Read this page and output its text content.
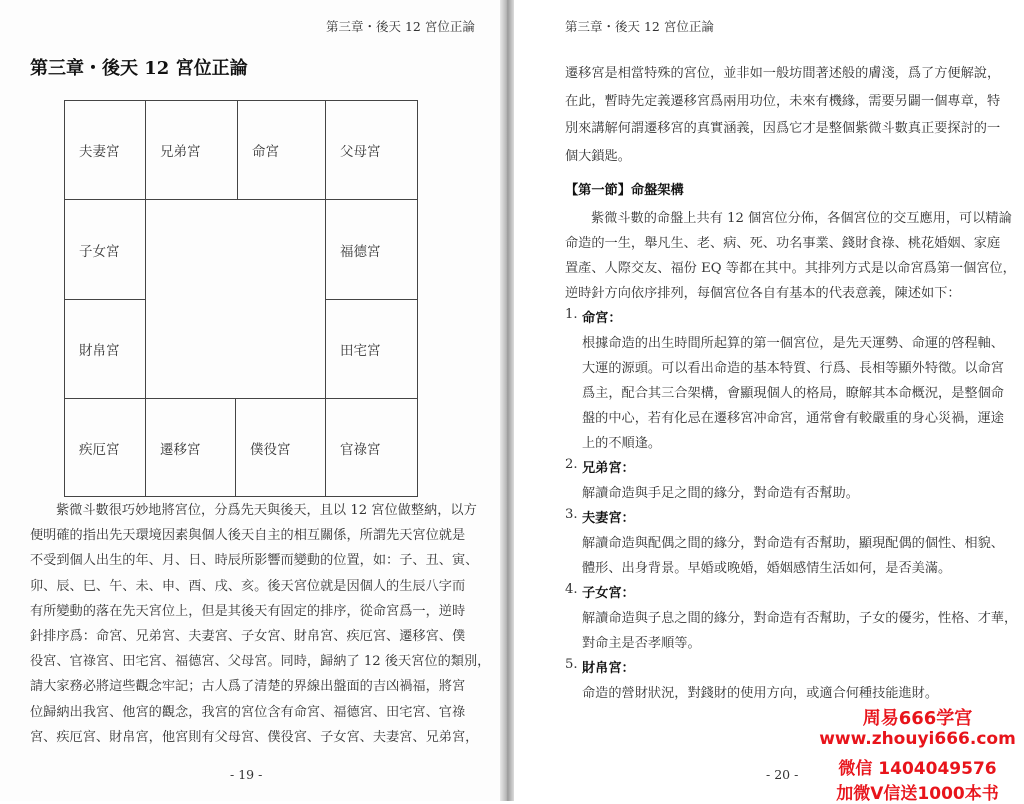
第三章・後天 12 宮位正論
第三章・後天 12 宮位正論
夫妻宮	兄弟宮	命宮	父母宮
子女宮	福德宮
財帛宮	田宅宮
疾厄宮	遷移宮	僕役宮	官祿宮
紫微斗數很巧妙地將宮位，分爲先天與後天，且以 12 宮位做整納，以方
便明確的指出先天環境因素與個人後天自主的相互關係，所謂先天宮位就是
不受到個人出生的年、月、日、時辰所影響而變動的位置，如：子、丑、寅、
卯、辰、巳、午、未、申、酉、戌、亥。後天宮位就是因個人的生辰八字而
有所變動的落在先天宮位上，但是其後天有固定的排序，從命宮爲一，逆時
針排序爲：命宮、兄弟宮、夫妻宮、子女宮、財帛宮、疾厄宮、遷移宮、僕
役宮、官祿宮、田宅宮、福德宮、父母宮。同時，歸納了 12 後天宮位的類別，
請大家務必將這些觀念牢記；古人爲了清楚的界線出盤面的吉凶禍福，將宮
位歸納出我宮、他宮的觀念，我宮的宮位含有命宮、福德宮、田宅宮、官祿
宮、疾厄宮、財帛宮，他宮則有父母宮、僕役宮、子女宮、夫妻宮、兄弟宮，
- 19 -
第三章・後天 12 宮位正論
遷移宮是相當特殊的宮位，並非如一般坊間著述般的膚淺，爲了方便解說，
在此，暫時先定義遷移宮爲兩用功位，未來有機緣，需要另闢一個專章，特
別來講解何謂遷移宮的真實涵義，因爲它才是整個紫微斗數真正要探討的一
個大鎖匙。
【第一節】命盤架構
紫微斗數的命盤上共有 12 個宮位分佈，各個宮位的交互應用，可以精論
命造的一生，舉凡生、老、病、死、功名事業、錢財食祿、桃花婚姻、家庭
置產、人際交友、福份 EQ 等都在其中。其排列方式是以命宮爲第一個宮位，
逆時針方向依序排列，每個宮位各自有基本的代表意義，陳述如下：
1. 命宮：
根據命造的出生時間所起算的第一個宮位，是先天運勢、命運的啓程軸、
大運的源頭。可以看出命造的基本特質、行爲、長相等顯外特徵。以命宮
爲主，配合其三合架構，會顯現個人的格局，瞭解其本命概況，是整個命
盤的中心，若有化忌在遷移宮冲命宮，通常會有較嚴重的身心災禍，運途
上的不順逢。
2. 兄弟宮：
解讀命造與手足之間的緣分，對命造有否幫助。
3. 夫妻宮：
解讀命造與配偶之間的緣分，對命造有否幫助，顯現配偶的個性、相貌、
體形、出身背景。早婚或晚婚，婚姻感情生活如何，是否美滿。
4. 子女宮：
解讀命造與子息之間的緣分，對命造有否幫助，子女的優劣，性格、才華，
對命主是否孝順等。
5. 財帛宮：
命造的營財狀況，對錢財的使用方向，或適合何種技能進財。
- 20 -
周易666学宫
www.zhouyi666.com
微信 1404049576
加微V信送1000本书
